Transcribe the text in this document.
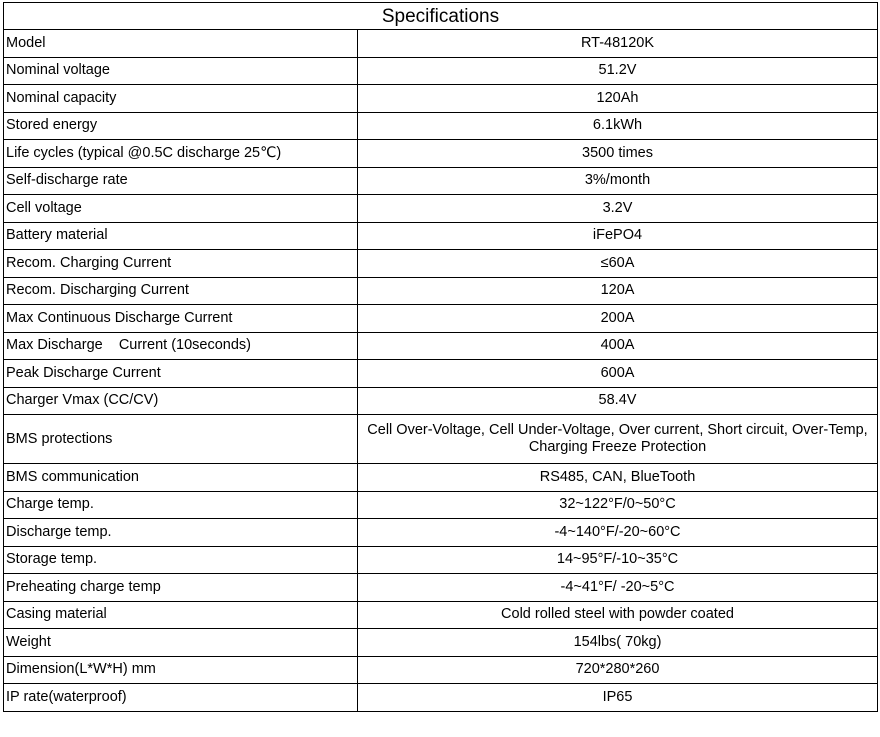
Specifications	
Model	RT-48120K
Nominal voltage	51.2V
Nominal capacity	120Ah
Stored energy	6.1kWh
Life cycles (typical @0.5C discharge 25℃)	3500 times
Self-discharge rate	3%/month
Cell voltage	3.2V
Battery material	iFePO4
Recom. Charging Current	≤60A
Recom. Discharging Current	120A
Max Continuous Discharge Current	200A
Max Discharge    Current (10seconds)	400A
Peak Discharge Current	600A
Charger Vmax (CC/CV)	58.4V
BMS protections	Cell Over-Voltage, Cell Under-Voltage, Over current, Short circuit, Over-Temp, Charging Freeze Protection
BMS communication	RS485, CAN, BlueTooth
Charge temp.	32~122°F/0~50°C
Discharge temp.	-4~140°F/-20~60°C
Storage temp.	14~95°F/-10~35°C
Preheating charge temp	-4~41°F/ -20~5°C
Casing material	Cold rolled steel with powder coated
Weight	154lbs( 70kg)
Dimension(L*W*H) mm	720*280*260
IP rate(waterproof)	IP65
